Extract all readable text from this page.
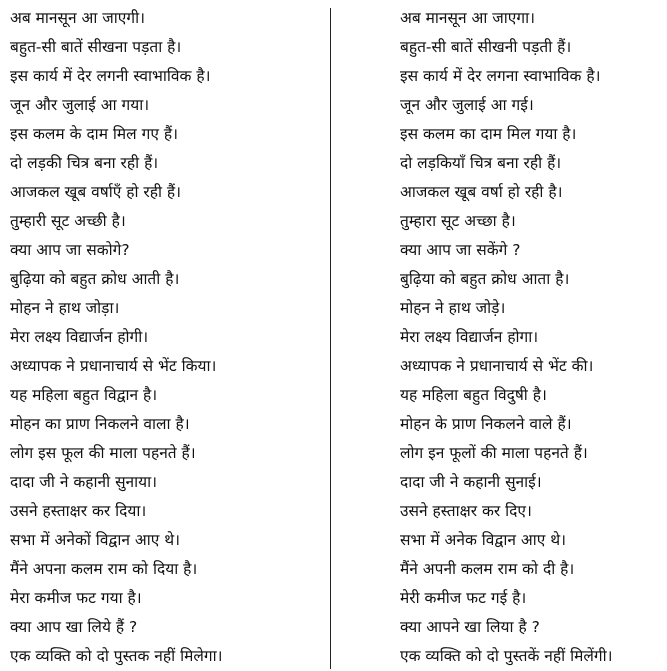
अब मानसून आ जाएगी।
बहुत-सी बातें सीखना पड़ता है।
इस कार्य में देर लगनी स्वाभाविक है।
जून और जुलाई आ गया।
इस कलम के दाम मिल गए हैं।
दो लड़की चित्र बना रही हैं।
आजकल खूब वर्षाएँ हो रही हैं।
तुम्हारी सूट अच्छी है।
क्या आप जा सकोगे?
बुढ़िया को बहुत क्रोध आती है।
मोहन ने हाथ जोड़ा।
मेरा लक्ष्य विद्यार्जन होगी।
अध्यापक ने प्रधानाचार्य से भेंट किया।
यह महिला बहुत विद्वान है।
मोहन का प्राण निकलने वाला है।
लोग इस फूल की माला पहनते हैं।
दादा जी ने कहानी सुनाया।
उसने हस्ताक्षर कर दिया।
सभा में अनेकों विद्वान आए थे।
मैंने अपना कलम राम को दिया है।
मेरा कमीज फट गया है।
क्या आप खा लिये हैं ?
एक व्यक्ति को दो पुस्तक नहीं मिलेगा।
अब मानसून आ जाएगा।
बहुत-सी बातें सीखनी पड़ती हैं।
इस कार्य में देर लगना स्वाभाविक है।
जून और जुलाई आ गई।
इस कलम का दाम मिल गया है।
दो लड़कियाँ चित्र बना रही हैं।
आजकल खूब वर्षा हो रही है।
तुम्हारा सूट अच्छा है।
क्या आप जा सकेंगे ?
बुढ़िया को बहुत क्रोध आता है।
मोहन ने हाथ जोड़े।
मेरा लक्ष्य विद्यार्जन होगा।
अध्यापक ने प्रधानाचार्य से भेंट की।
यह महिला बहुत विदुषी है।
मोहन के प्राण निकलने वाले हैं।
लोग इन फूलों की माला पहनते हैं।
दादा जी ने कहानी सुनाई।
उसने हस्ताक्षर कर दिए।
सभा में अनेक विद्वान आए थे।
मैंने अपनी कलम राम को दी है।
मेरी कमीज फट गई है।
क्या आपने खा लिया है ?
एक व्यक्ति को दो पुस्तकें नहीं मिलेंगी।
